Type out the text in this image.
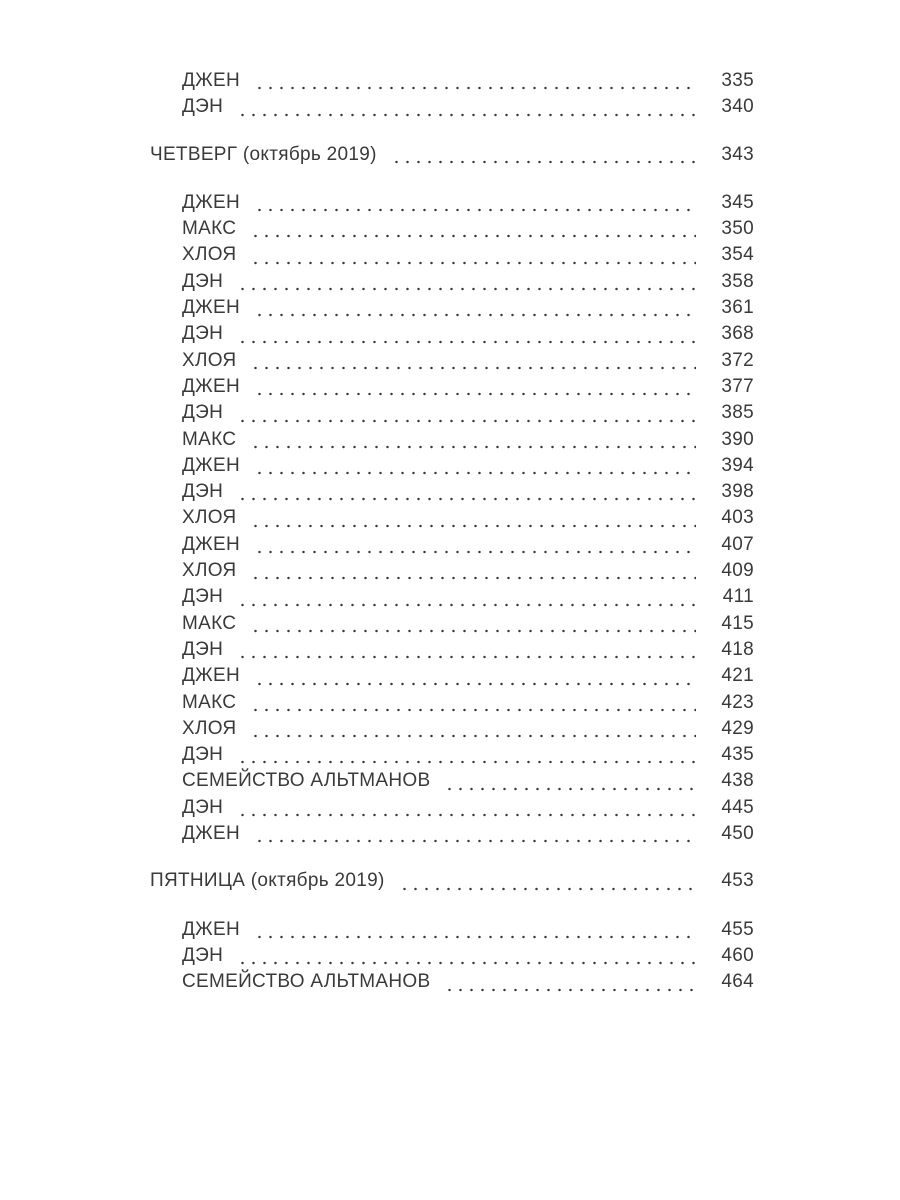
ДЖЕН	335
ДЭН	340
ЧЕТВЕРГ (октябрь 2019)	343
ДЖЕН	345
МАКС	350
ХЛОЯ	354
ДЭН	358
ДЖЕН	361
ДЭН	368
ХЛОЯ	372
ДЖЕН	377
ДЭН	385
МАКС	390
ДЖЕН	394
ДЭН	398
ХЛОЯ	403
ДЖЕН	407
ХЛОЯ	409
ДЭН	411
МАКС	415
ДЭН	418
ДЖЕН	421
МАКС	423
ХЛОЯ	429
ДЭН	435
СЕМЕЙСТВО АЛЬТМАНОВ	438
ДЭН	445
ДЖЕН	450
ПЯТНИЦА (октябрь 2019)	453
ДЖЕН	455
ДЭН	460
СЕМЕЙСТВО АЛЬТМАНОВ	464
